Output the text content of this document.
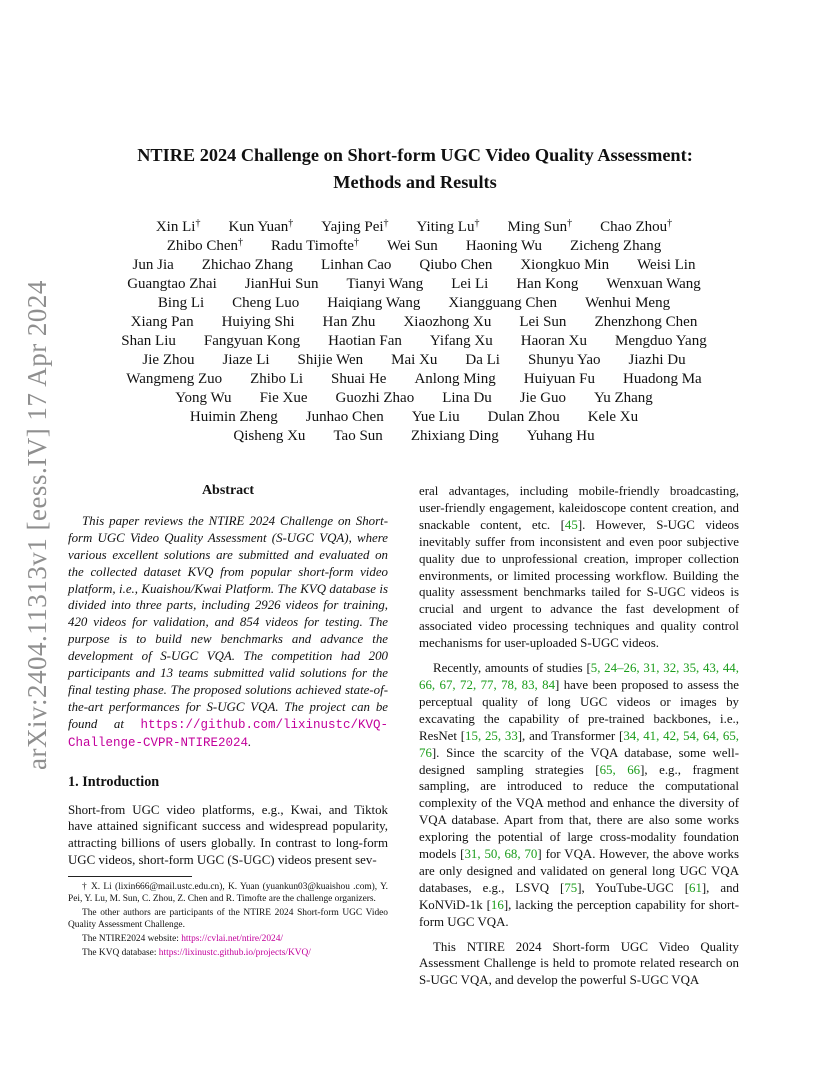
arXiv:2404.11313v1 [eess.IV] 17 Apr 2024
NTIRE 2024 Challenge on Short-form UGC Video Quality Assessment:
Methods and Results
Xin Li† Kun Yuan† Yajing Pei† Yiting Lu† Ming Sun† Chao Zhou†
Zhibo Chen† Radu Timofte† Wei Sun Haoning Wu Zicheng Zhang
Jun Jia Zhichao Zhang Linhan Cao Qiubo Chen Xiongkuo Min Weisi Lin
Guangtao Zhai JianHui Sun Tianyi Wang Lei Li Han Kong Wenxuan Wang
Bing Li Cheng Luo Haiqiang Wang Xiangguang Chen Wenhui Meng
Xiang Pan Huiying Shi Han Zhu Xiaozhong Xu Lei Sun Zhenzhong Chen
Shan Liu Fangyuan Kong Haotian Fan Yifang Xu Haoran Xu Mengduo Yang
Jie Zhou Jiaze Li Shijie Wen Mai Xu Da Li Shunyu Yao Jiazhi Du
Wangmeng Zuo Zhibo Li Shuai He Anlong Ming Huiyuan Fu Huadong Ma
Yong Wu Fie Xue Guozhi Zhao Lina Du Jie Guo Yu Zhang
Huimin Zheng Junhao Chen Yue Liu Dulan Zhou Kele Xu
Qisheng Xu Tao Sun Zhixiang Ding Yuhang Hu
Abstract

This paper reviews the NTIRE 2024 Challenge on Short-form UGC Video Quality Assessment (S-UGC VQA), where various excellent solutions are submitted and evaluated on the collected dataset KVQ from popular short-form video platform, i.e., Kuaishou/Kwai Platform. The KVQ database is divided into three parts, including 2926 videos for training, 420 videos for validation, and 854 videos for testing. The purpose is to build new benchmarks and advance the development of S-UGC VQA. The competition had 200 participants and 13 teams submitted valid solutions for the final testing phase. The proposed solutions achieved state-of-the-art performances for S-UGC VQA. The project can be found at https://github.com/lixinustc/KVQ-Challenge-CVPR-NTIRE2024.

1. Introduction

Short-from UGC video platforms, e.g., Kwai, and Tiktok have attained significant success and widespread popularity, attracting billions of users globally. In contrast to long-form UGC videos, short-form UGC (S-UGC) videos present sev-

† X. Li (lixin666@mail.ustc.edu.cn), K. Yuan (yuankun03@kuaishou .com), Y. Pei, Y. Lu, M. Sun, C. Zhou, Z. Chen and R. Timofte are the challenge organizers.

The other authors are participants of the NTIRE 2024 Short-form UGC Video Quality Assessment Challenge.

The NTIRE2024 website: https://cvlai.net/ntire/2024/

The KVQ database: https://lixinustc.github.io/projects/KVQ/

eral advantages, including mobile-friendly broadcasting, user-friendly engagement, kaleidoscope content creation, and snackable content, etc. [45]. However, S-UGC videos inevitably suffer from inconsistent and even poor subjective quality due to unprofessional creation, improper collection environments, or limited processing workflow. Building the quality assessment benchmarks tailed for S-UGC videos is crucial and urgent to advance the fast development of associated video processing techniques and quality control mechanisms for user-uploaded S-UGC videos.

Recently, amounts of studies [5, 24–26, 31, 32, 35, 43, 44, 66, 67, 72, 77, 78, 83, 84] have been proposed to assess the perceptual quality of long UGC videos or images by excavating the capability of pre-trained backbones, i.e., ResNet [15, 25, 33], and Transformer [34, 41, 42, 54, 64, 65, 76]. Since the scarcity of the VQA database, some well-designed sampling strategies [65, 66], e.g., fragment sampling, are introduced to reduce the computational complexity of the VQA method and enhance the diversity of VQA database. Apart from that, there are also some works exploring the potential of large cross-modality foundation models [31, 50, 68, 70] for VQA. However, the above works are only designed and validated on general long UGC VQA databases, e.g., LSVQ [75], YouTube-UGC [61], and KoNViD-1k [16], lacking the perception capability for short-form UGC VQA.

This NTIRE 2024 Short-form UGC Video Quality Assessment Challenge is held to promote related research on S-UGC VQA, and develop the powerful S-UGC VQA
